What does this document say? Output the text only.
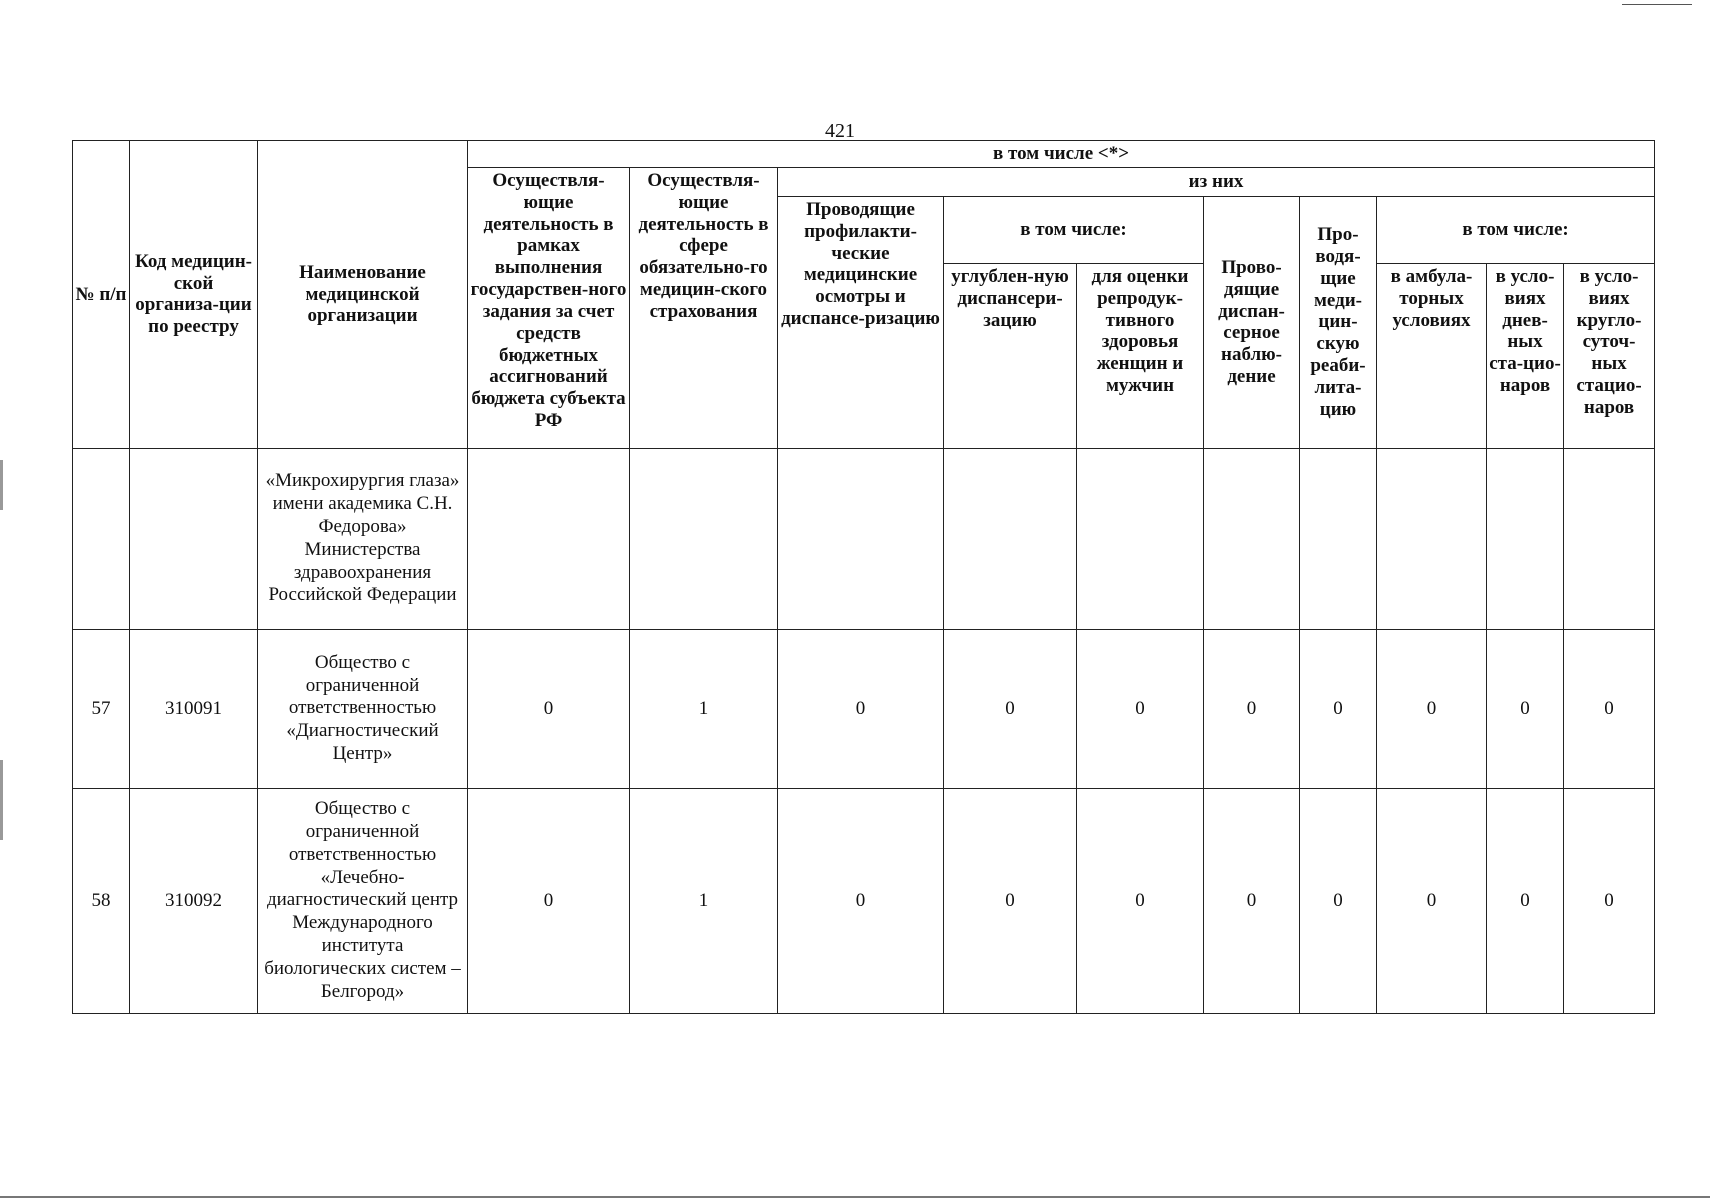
421
№ п/п	Код медицин-ской организа-ции по реестру	Наименование медицинской организации	в том числе <*>									
			Осуществля-ющие деятельность в рамках выполнения государствен-ного задания за счет средств бюджетных ассигнований бюджета субъекта РФ	Осуществля-ющие деятельность в сфере обязательно-го медицин-ского страхования	из них							
					Проводящие профилакти-ческие медицинские осмотры и диспансе-ризацию	в том числе:		Прово-дящие диспан-серное наблю-дение	Про-водя-щие меди-цин-скую реаби-лита-цию	в том числе:		
						углублен-ную диспансери-зацию	для оценки репродук-тивного здоровья женщин и мужчин			в амбула-торных условиях	в усло-виях днев-ных ста-цио-наров	в усло-виях кругло-суточ-ных стацио-наров
		«Микрохирургия глаза» имени академика С.Н. Федорова» Министерства здравоохранения Российской Федерации										
57	310091	Общество с ограниченной ответственностью «Диагностический Центр»	0	1	0	0	0	0	0	0	0	0
58	310092	Общество с ограниченной ответственностью «Лечебно-диагностический центр Международного института биологических систем – Белгород»	0	1	0	0	0	0	0	0	0	0
